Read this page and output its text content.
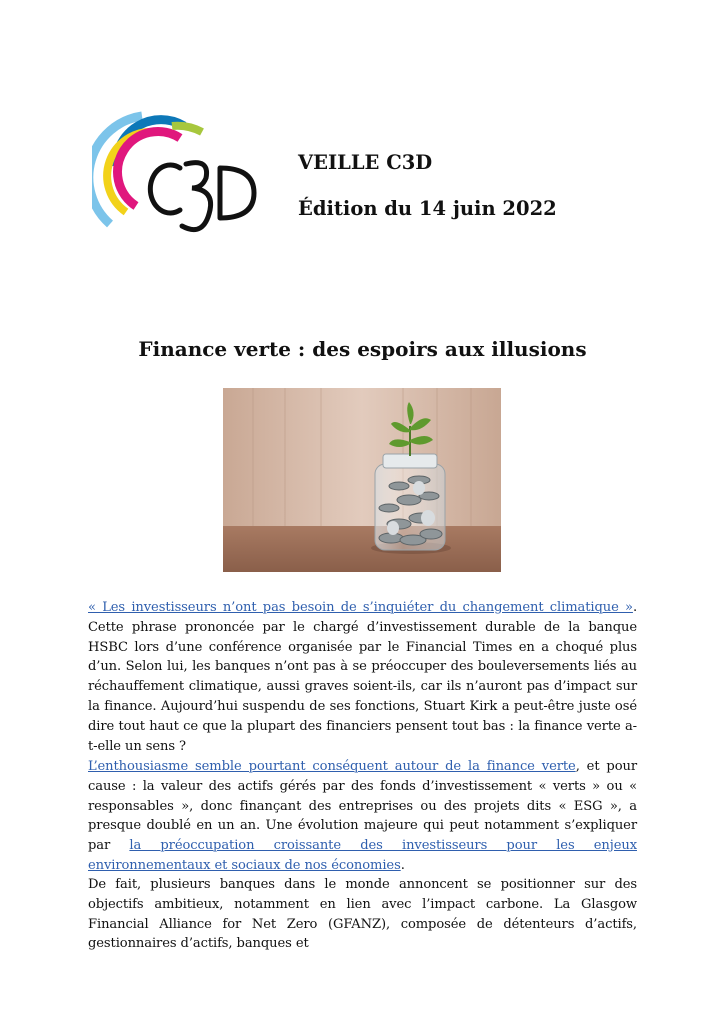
VEILLE C3D

Édition du 14 juin 2022

Finance verte : des espoirs aux illusions

« Les investisseurs n’ont pas besoin de s’inquiéter du changement climatique ». Cette phrase prononcée par le chargé d’investissement durable de la banque HSBC lors d’une conférence organisée par le Financial Times en a choqué plus d’un. Selon lui, les banques n’ont pas à se préoccuper des bouleversements liés au réchauffement climatique, aussi graves soient-ils, car ils n’auront pas d’impact sur la finance. Aujourd’hui suspendu de ses fonctions, Stuart Kirk a peut-être juste osé dire tout haut ce que la plupart des financiers pensent tout bas : la finance verte a-t-elle un sens ?

L’enthousiasme semble pourtant conséquent autour de la finance verte, et pour cause : la valeur des actifs gérés par des fonds d’investissement « verts » ou « responsables », donc finançant des entreprises ou des projets dits « ESG », a presque doublé en un an. Une évolution majeure qui peut notamment s’expliquer par la préoccupation croissante des investisseurs pour les enjeux environnementaux et sociaux de nos économies.

De fait, plusieurs banques dans le monde annoncent se positionner sur des objectifs ambitieux, notamment en lien avec l’impact carbone. La Glasgow Financial Alliance for Net Zero (GFANZ), composée de détenteurs d’actifs, gestionnaires d’actifs, banques et
